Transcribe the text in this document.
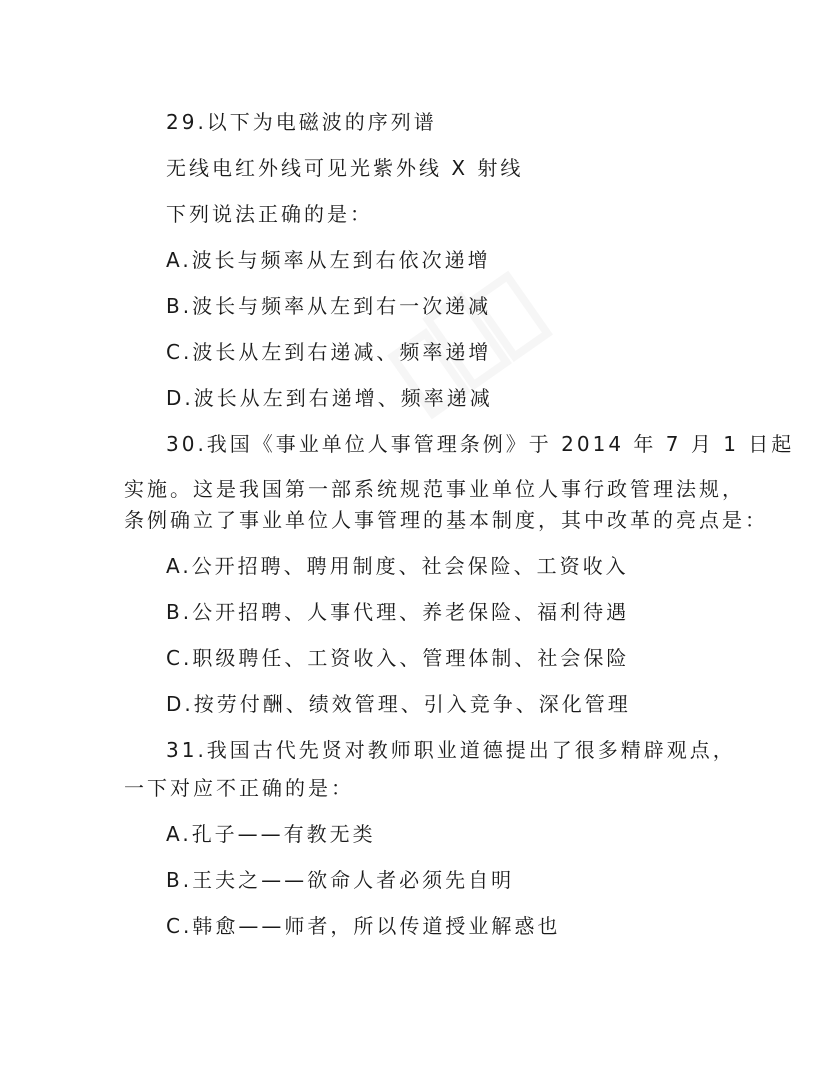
29.以下为电磁波的序列谱
无线电红外线可见光紫外线 X 射线
下列说法正确的是：
A.波长与频率从左到右依次递增
B.波长与频率从左到右一次递减
C.波长从左到右递减、频率递增
D.波长从左到右递增、频率递减
30.我国《事业单位人事管理条例》于 2014 年 7 月 1 日起
实施。这是我国第一部系统规范事业单位人事行政管理法规，
条例确立了事业单位人事管理的基本制度，其中改革的亮点是：
A.公开招聘、聘用制度、社会保险、工资收入
B.公开招聘、人事代理、养老保险、福利待遇
C.职级聘任、工资收入、管理体制、社会保险
D.按劳付酬、绩效管理、引入竞争、深化管理
31.我国古代先贤对教师职业道德提出了很多精辟观点，
一下对应不正确的是：
A.孔子——有教无类
B.王夫之——欲命人者必须先自明
C.韩愈——师者，所以传道授业解惑也
